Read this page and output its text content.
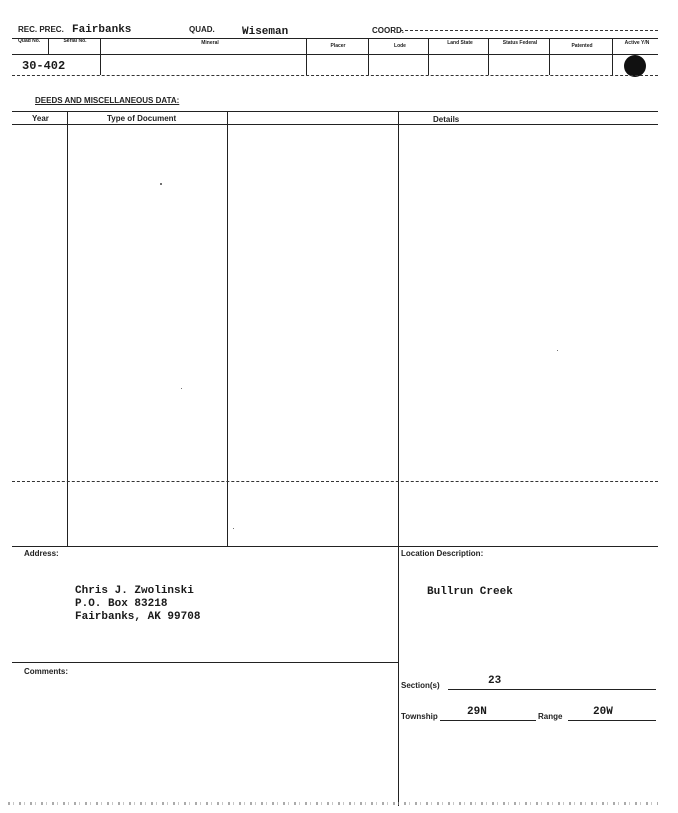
REC. PREC. Fairbanks	QUAD. Wiseman	COORD.
Quad No.	Serial No.	Mineral	Placer	Lode	Land State	Status Federal	Patented	Active Y/N
30-402
DEEDS AND MISCELLANEOUS DATA:
Year	Type of Document	Details
Address:
Chris J. Zwolinski
P.O. Box 83218
Fairbanks, AK 99708
Location Description:
Bullrun Creek
Comments:
Section(s)	23
Township	29N	Range	20W
